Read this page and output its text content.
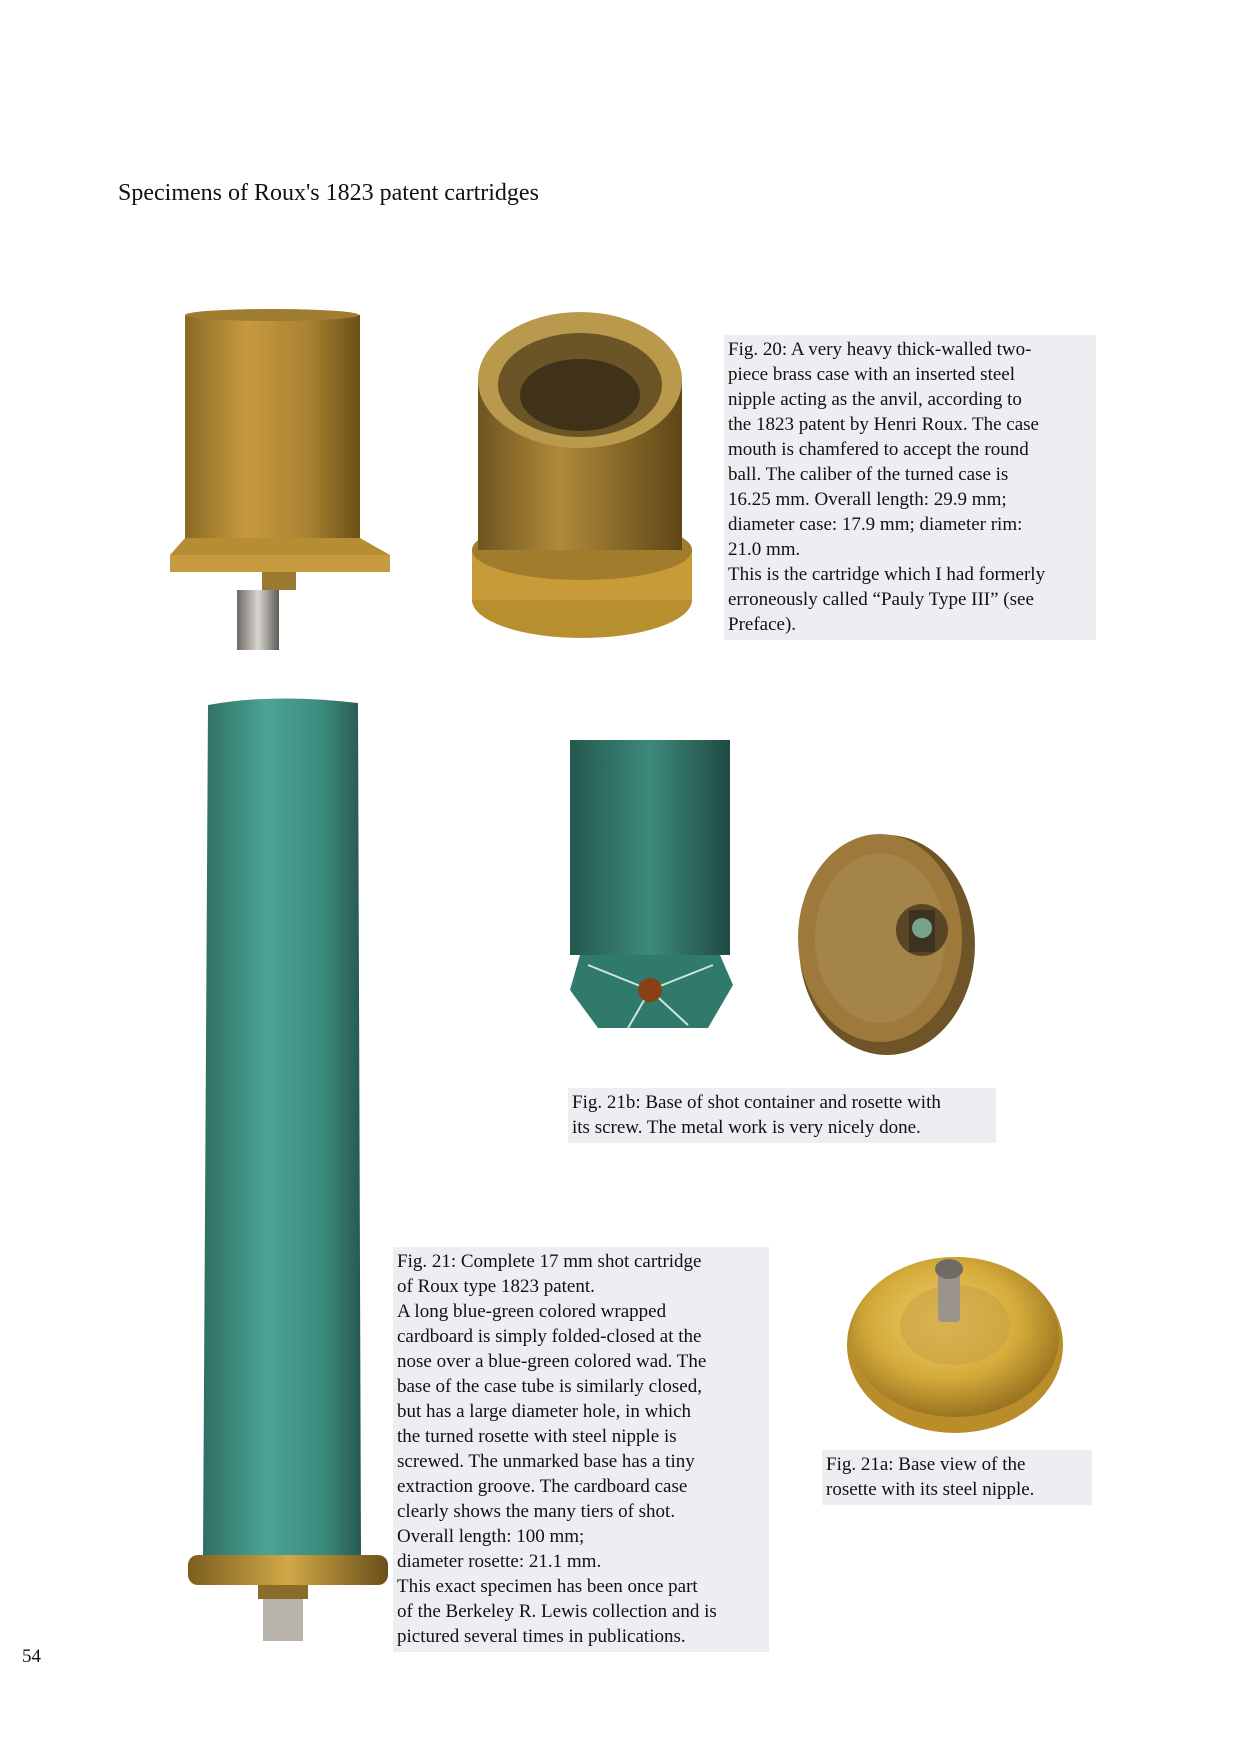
Specimens of Roux's 1823 patent cartridges
Fig. 20: A very heavy thick-walled two-
piece brass case with an inserted steel
nipple acting as the anvil, according to
the 1823 patent by Henri Roux. The case
mouth is chamfered to accept the round
ball. The caliber of the turned case is
16.25 mm. Overall length: 29.9 mm;
diameter case: 17.9 mm; diameter rim:
21.0 mm.
This is the cartridge which I had formerly
erroneously called “Pauly Type III” (see
Preface).
Fig. 21b: Base of shot container and rosette with
its screw. The metal work is very nicely done.
Fig. 21: Complete 17 mm shot cartridge
of Roux type 1823 patent.
A long blue-green colored wrapped
cardboard is simply folded-closed at the
nose over a blue-green colored wad. The
base of the case tube is similarly closed,
but has a large diameter hole, in which
the turned rosette with steel nipple is
screwed. The unmarked base has a tiny
extraction groove. The cardboard case
clearly shows the many tiers of shot.
Overall length: 100 mm;
diameter rosette: 21.1 mm.
This exact specimen has been once part
of the Berkeley R. Lewis collection and is
pictured several times in publications.
Fig. 21a: Base view of the
rosette with its steel nipple.
54
